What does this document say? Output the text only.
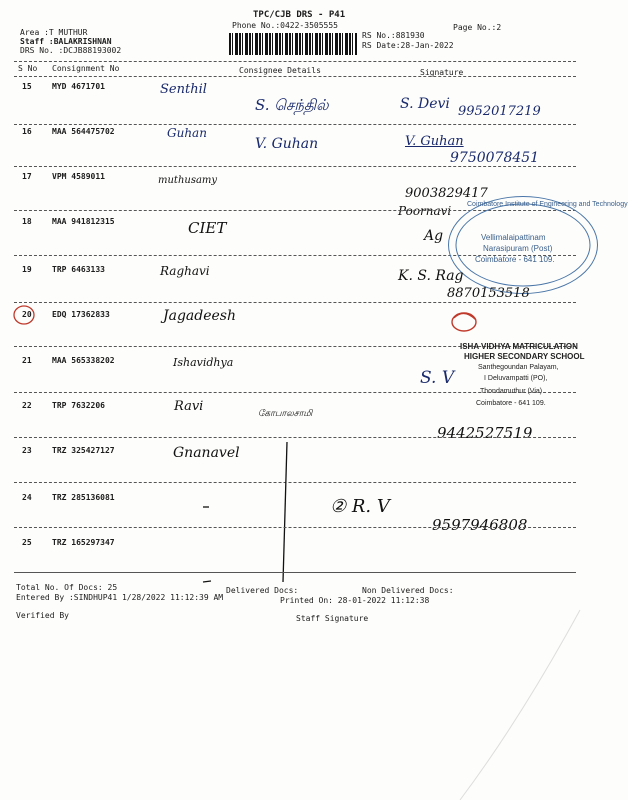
TPC/CJB DRS - P41
Phone No.:0422-3505555
Area :T MUTHUR
Staff :BALAKRISHNAN
DRS No. :DCJB88193002
RS No.:881930
RS Date:28-Jan-2022
Page No.:2
S No Consignment No	Consignee Details	Signature
15	MYD 4671701	Senthil
S. செந்தில்	S. Devi 9952017219
16	MAA 564475702	Guhan
V. Guhan	V. Guhan
9750078451
17	VPM 4589011	muthusamy
9003829417
Poornavi
18	MAA 941812315	CIET	Ag
Coimbatore Institute of Engineering and Technology
Vellimalaipattinam
Narasipuram (Post)
Coimbatore - 641 109.
19	TRP 6463133	Raghavi	K. S. Rag
8870153518
20	EDQ 17362833	Jagadeesh
ISHA VIDHYA MATRICULATION
HIGHER SECONDARY SCHOOL
Santhegoundan Palayam,
I Deluvampatti (PO),
Thondamuthur (Via)
Coimbatore - 641 109.
21	MAA 565338202	Ishavidhya
S. V
22	TRP 7632206	Ravi	கோபாலசாமி
9442527519
23	TRZ 325427127	Gnanavel
24	TRZ 285136081	② R. V
9597946808
25	TRZ 165297347
Total No. Of Docs: 25	Delivered Docs:	Non Delivered Docs:
Entered By :SINDHUP41 1/28/2022 11:12:39 AM	Printed On: 28-01-2022 11:12:38
Verified By	Staff Signature
